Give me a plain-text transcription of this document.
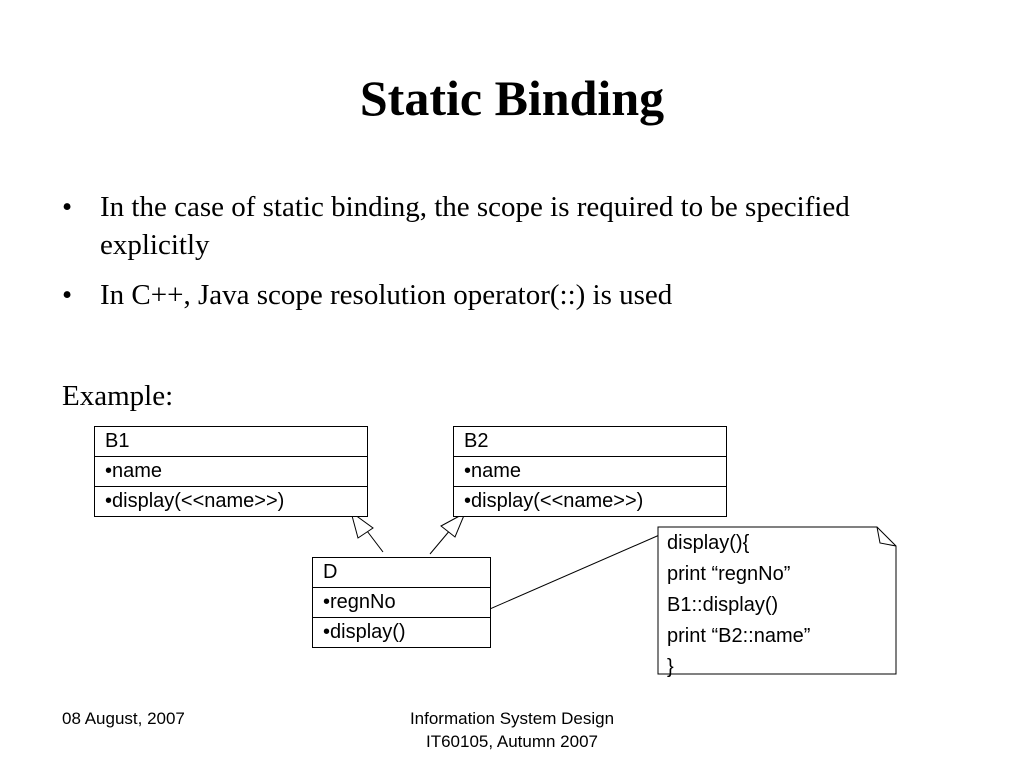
Static Binding
• In the case of static binding, the scope is required to be specified explicitly
• In C++, Java scope resolution operator(::) is used
Example:
B1
•name
•display(<<name>>)
B2
•name
•display(<<name>>)
D
•regnNo
•display()
display(){
print “regnNo”
B1::display()
print “B2::name”
}
08 August, 2007	Information System Design
IT60105, Autumn 2007
